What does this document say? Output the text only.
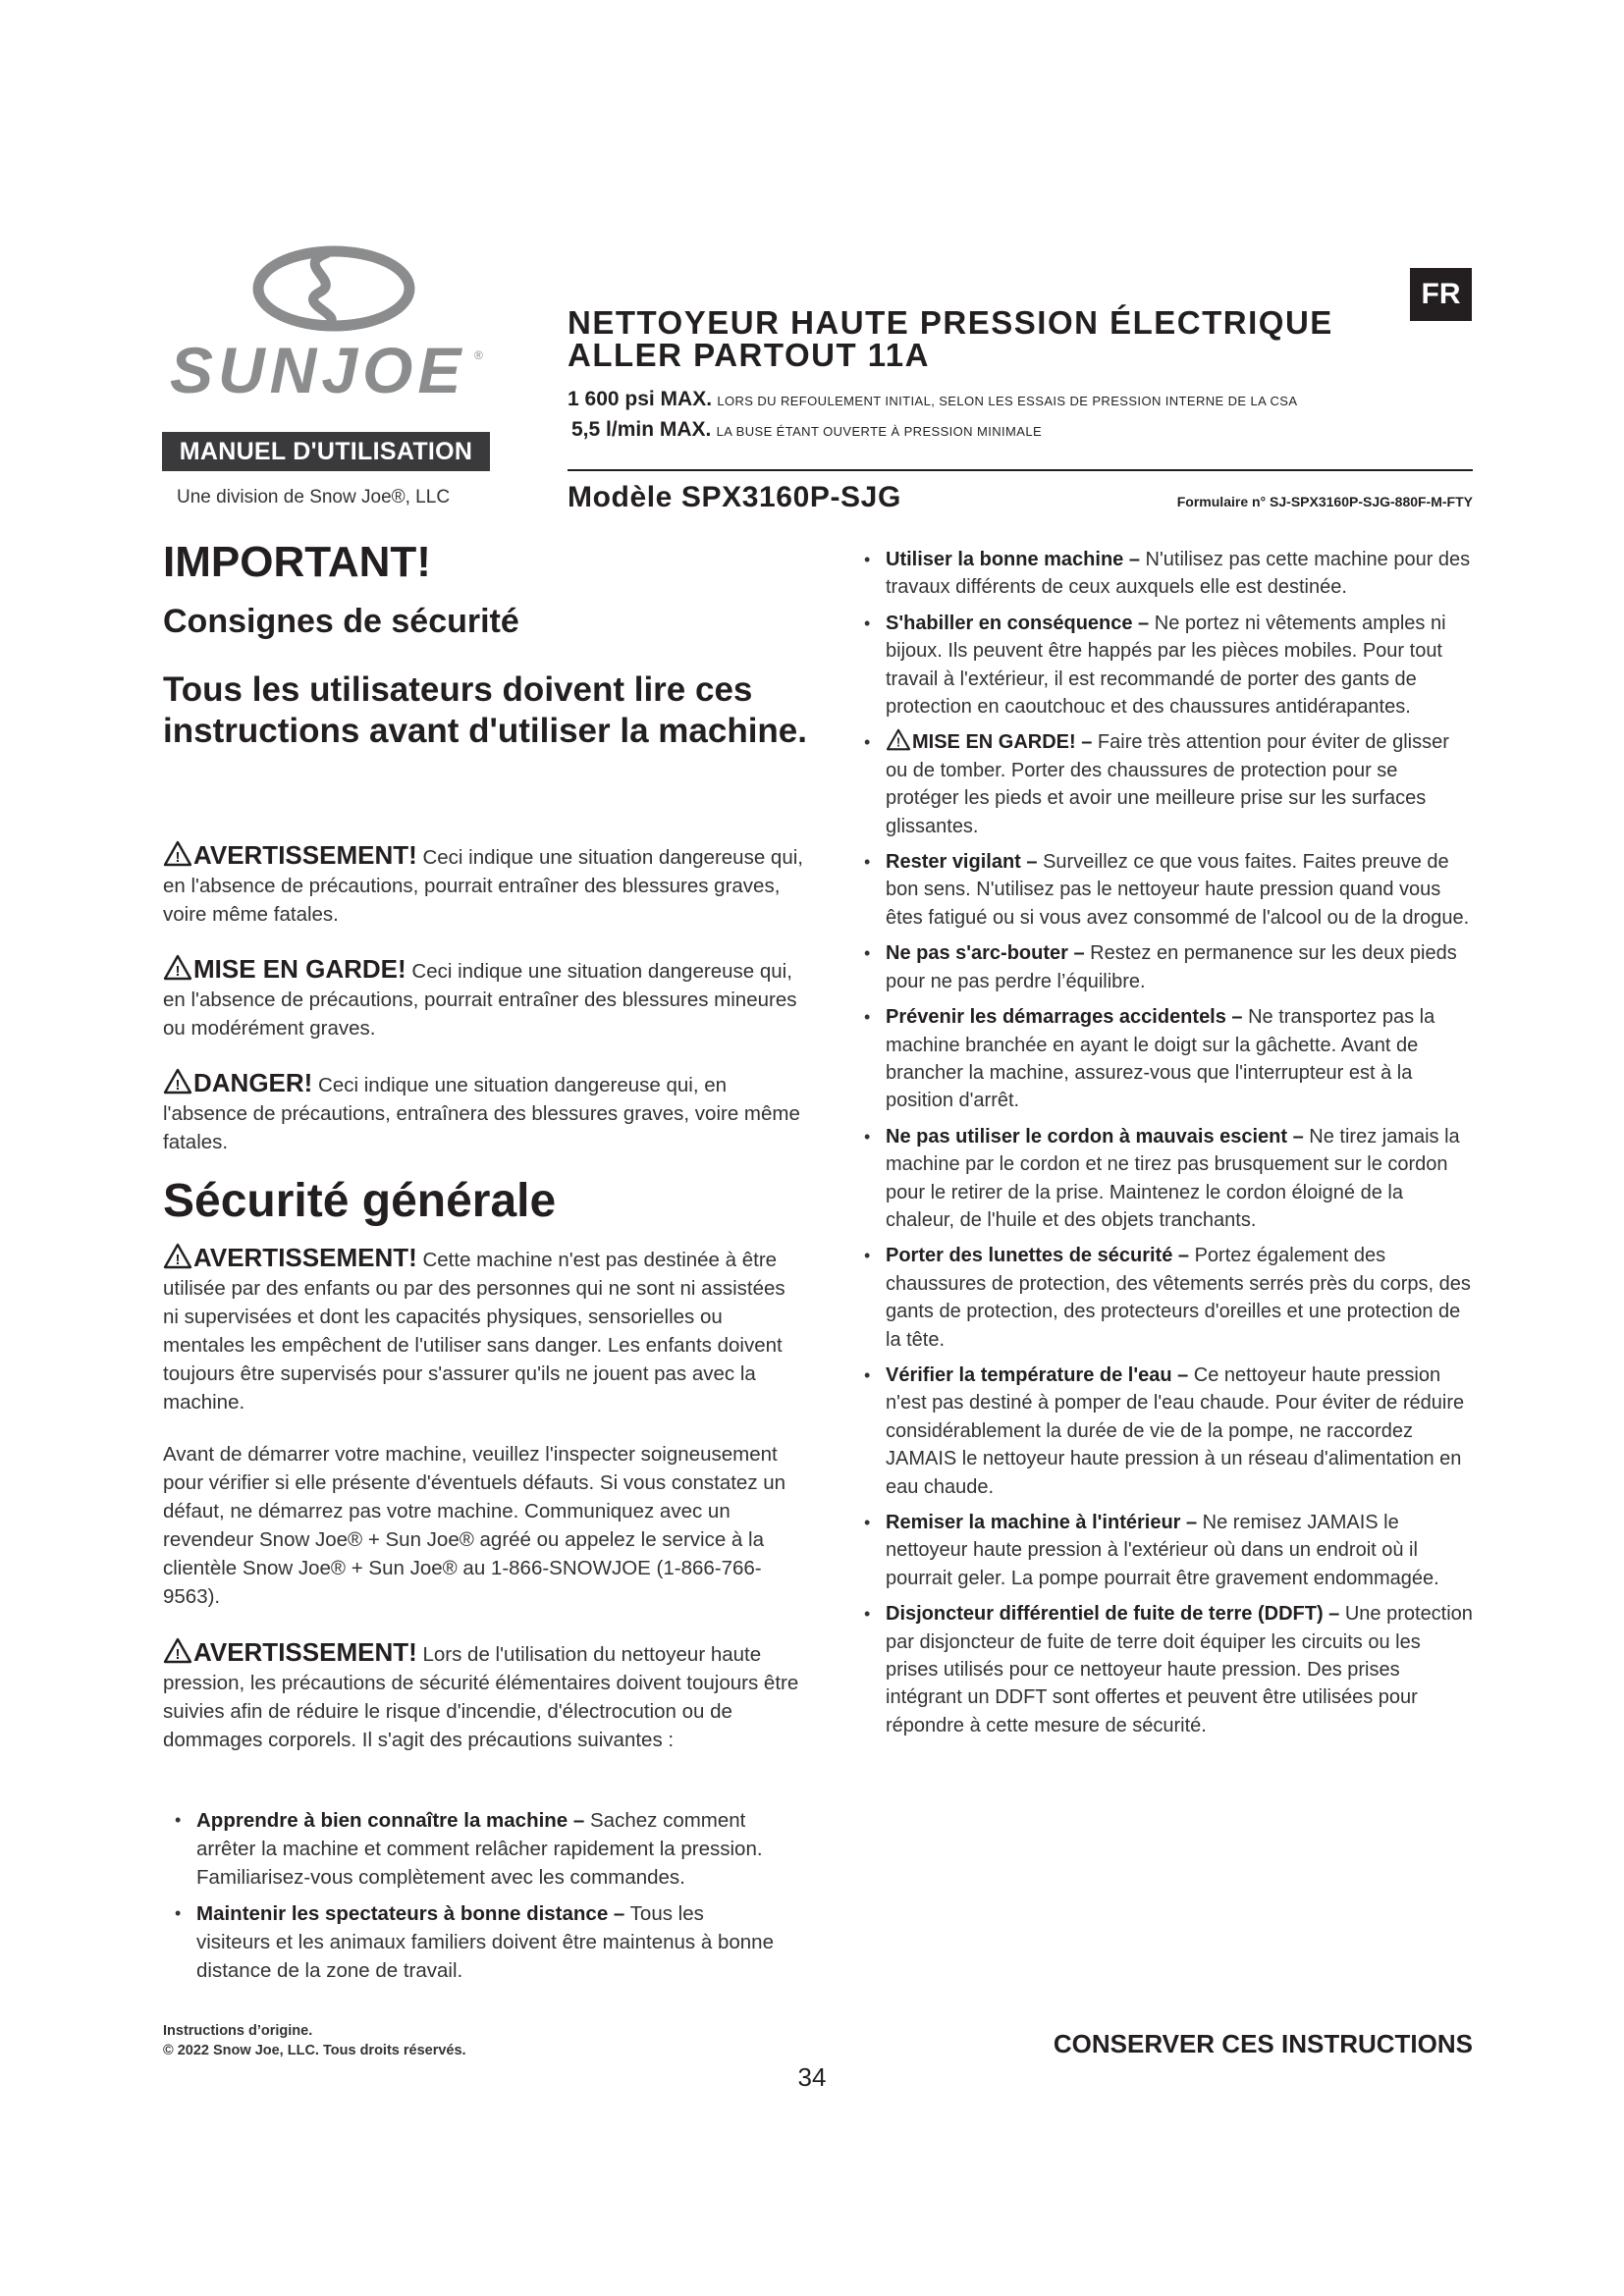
SUNJOE ®
MANUEL D'UTILISATION
Une division de Snow Joe®, LLC
NETTOYEUR HAUTE PRESSION ÉLECTRIQUE
ALLER PARTOUT 11A
1 600 psi MAX. LORS DU REFOULEMENT INITIAL, SELON LES ESSAIS DE PRESSION INTERNE DE LA CSA
5,5 l/min MAX. LA BUSE ÉTANT OUVERTE À PRESSION MINIMALE
Modèle SPX3160P-SJG	Formulaire n° SJ-SPX3160P-SJG-880F-M-FTY
FR
IMPORTANT!
Consignes de sécurité
Tous les utilisateurs doivent lire ces instructions avant d'utiliser la machine.
! AVERTISSEMENT! Ceci indique une situation dangereuse qui, en l'absence de précautions, pourrait entraîner des blessures graves, voire même fatales.
! MISE EN GARDE! Ceci indique une situation dangereuse qui, en l'absence de précautions, pourrait entraîner des blessures mineures ou modérément graves.
! DANGER! Ceci indique une situation dangereuse qui, en l'absence de précautions, entraînera des blessures graves, voire même fatales.
Sécurité générale
! AVERTISSEMENT! Cette machine n'est pas destinée à être utilisée par des enfants ou par des personnes qui ne sont ni assistées ni supervisées et dont les capacités physiques, sensorielles ou mentales les empêchent de l'utiliser sans danger. Les enfants doivent toujours être supervisés pour s'assurer qu'ils ne jouent pas avec la machine.
Avant de démarrer votre machine, veuillez l'inspecter soigneusement pour vérifier si elle présente d'éventuels défauts. Si vous constatez un défaut, ne démarrez pas votre machine. Communiquez avec un revendeur Snow Joe® + Sun Joe® agréé ou appelez le service à la clientèle Snow Joe® + Sun Joe® au 1-866-SNOWJOE (1-866-766-9563).
! AVERTISSEMENT! Lors de l'utilisation du nettoyeur haute pression, les précautions de sécurité élémentaires doivent toujours être suivies afin de réduire le risque d'incendie, d'électrocution ou de dommages corporels. Il s'agit des précautions suivantes :
• Apprendre à bien connaître la machine – Sachez comment arrêter la machine et comment relâcher rapidement la pression. Familiarisez-vous complètement avec les commandes.
• Maintenir les spectateurs à bonne distance – Tous les visiteurs et les animaux familiers doivent être maintenus à bonne distance de la zone de travail.
• Utiliser la bonne machine – N'utilisez pas cette machine pour des travaux différents de ceux auxquels elle est destinée.
• S'habiller en conséquence – Ne portez ni vêtements amples ni bijoux. Ils peuvent être happés par les pièces mobiles. Pour tout travail à l'extérieur, il est recommandé de porter des gants de protection en caoutchouc et des chaussures antidérapantes.
• ! MISE EN GARDE! – Faire très attention pour éviter de glisser ou de tomber. Porter des chaussures de protection pour se protéger les pieds et avoir une meilleure prise sur les surfaces glissantes.
• Rester vigilant – Surveillez ce que vous faites. Faites preuve de bon sens. N'utilisez pas le nettoyeur haute pression quand vous êtes fatigué ou si vous avez consommé de l'alcool ou de la drogue.
• Ne pas s'arc-bouter – Restez en permanence sur les deux pieds pour ne pas perdre l’équilibre.
• Prévenir les démarrages accidentels – Ne transportez pas la machine branchée en ayant le doigt sur la gâchette. Avant de brancher la machine, assurez-vous que l'interrupteur est à la position d'arrêt.
• Ne pas utiliser le cordon à mauvais escient – Ne tirez jamais la machine par le cordon et ne tirez pas brusquement sur le cordon pour le retirer de la prise. Maintenez le cordon éloigné de la chaleur, de l'huile et des objets tranchants.
• Porter des lunettes de sécurité – Portez également des chaussures de protection, des vêtements serrés près du corps, des gants de protection, des protecteurs d'oreilles et une protection de la tête.
• Vérifier la température de l'eau – Ce nettoyeur haute pression n'est pas destiné à pomper de l'eau chaude. Pour éviter de réduire considérablement la durée de vie de la pompe, ne raccordez JAMAIS le nettoyeur haute pression à un réseau d'alimentation en eau chaude.
• Remiser la machine à l'intérieur – Ne remisez JAMAIS le nettoyeur haute pression à l'extérieur où dans un endroit où il pourrait geler. La pompe pourrait être gravement endommagée.
• Disjoncteur différentiel de fuite de terre (DDFT) – Une protection par disjoncteur de fuite de terre doit équiper les circuits ou les prises utilisés pour ce nettoyeur haute pression. Des prises intégrant un DDFT sont offertes et peuvent être utilisées pour répondre à cette mesure de sécurité.
Instructions d’origine.
© 2022 Snow Joe, LLC. Tous droits réservés.	CONSERVER CES INSTRUCTIONS
34
